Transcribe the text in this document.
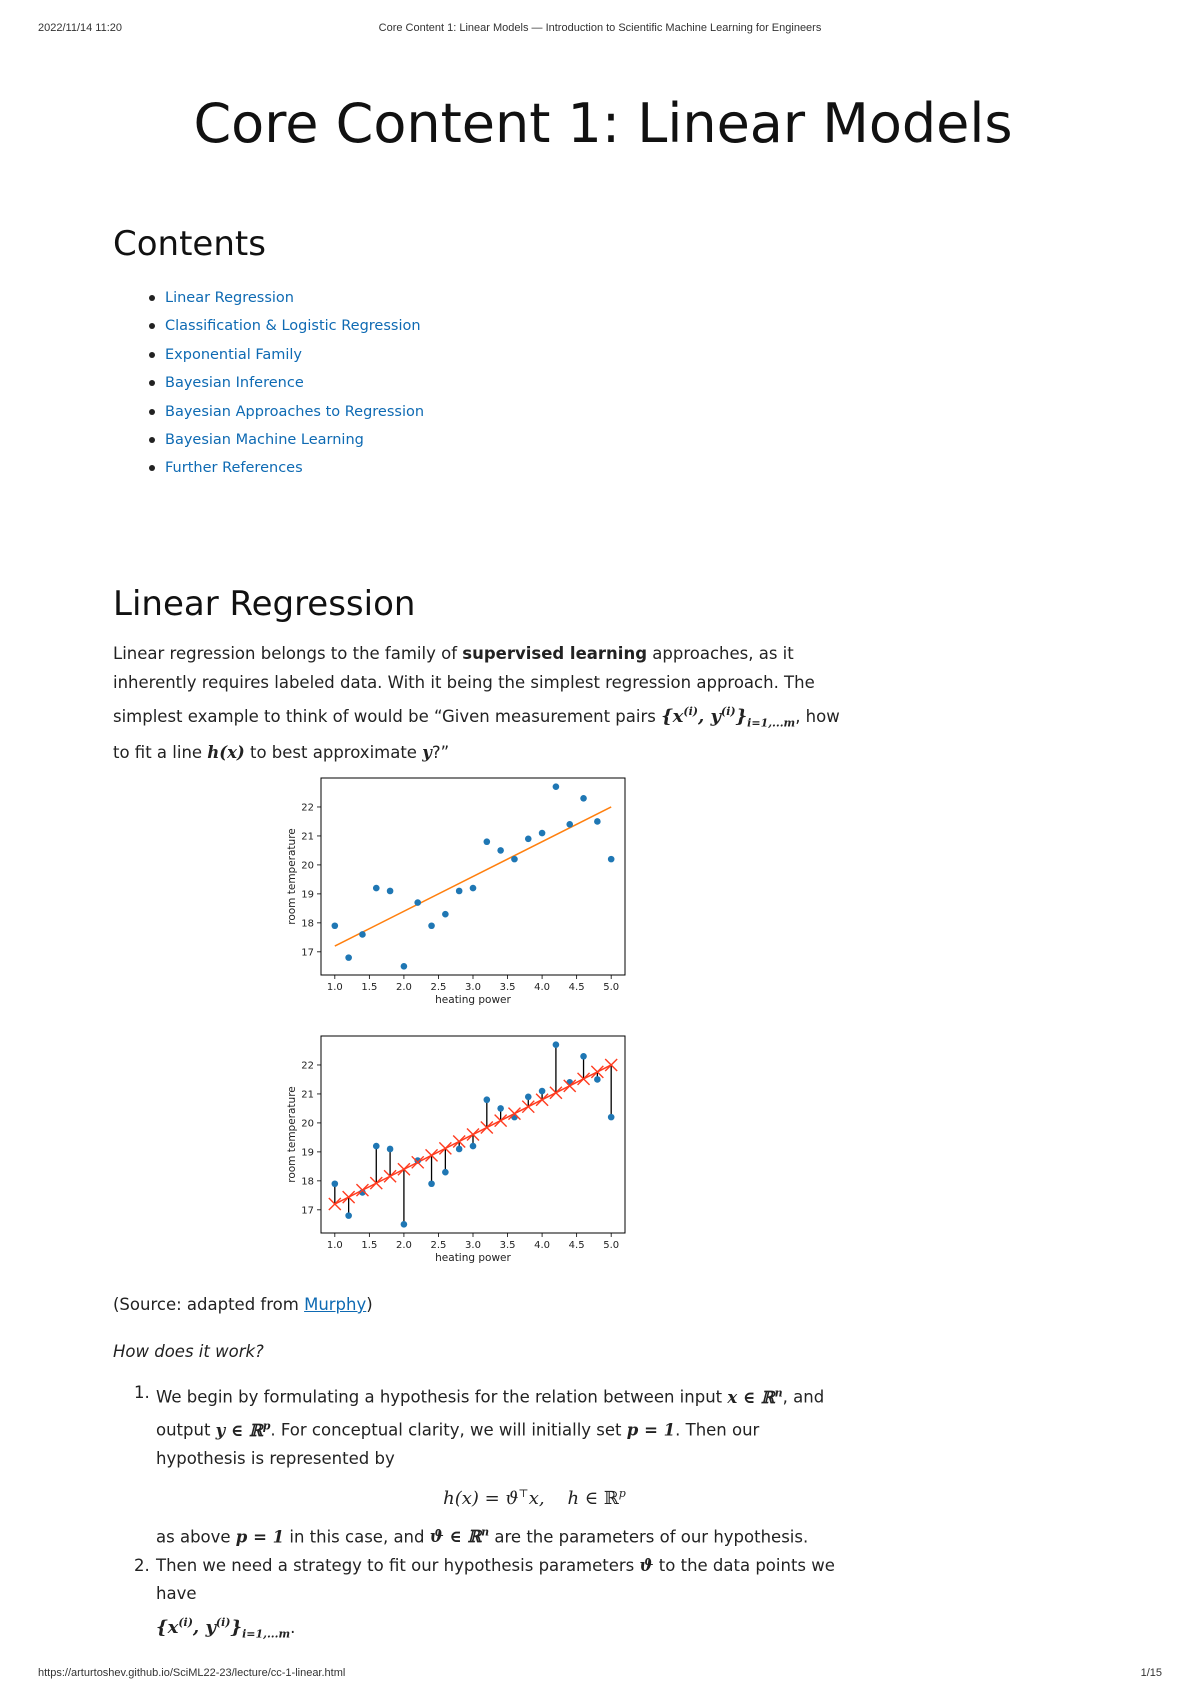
2022/11/14 11:20	Core Content 1: Linear Models — Introduction to Scientific Machine Learning for Engineers
Core Content 1: Linear Models
Contents
Linear Regression
Classification & Logistic Regression
Exponential Family
Bayesian Inference
Bayesian Approaches to Regression
Bayesian Machine Learning
Further References
Linear Regression

Linear regression belongs to the family of supervised learning approaches, as it inherently requires labeled data. With it being the simplest regression approach. The simplest example to think of would be “Given measurement pairs {$x^{(i)}$, $y^{(i)}\}_{i=1,...m}$, how to fit a line h(x) to best approximate y?”

1.0 1.5 2.0 2.5 3.0 3.5 4.0 4.5 5.0
17
18
19
20
21
22
heating power
room temperature
1.0 1.5 2.0 2.5 3.0 3.5 4.0 4.5 5.0
17
18
19
20
21
22
heating power
room temperature
(Source: adapted from Murphy)
How does it work?
1. We begin by formulating a hypothesis for the relation between input x ∈ ℝ$^n$, and output y ∈ ℝ$^p$. For conceptual clarity, we will initially set p = 1. Then our hypothesis is represented by
h(x) = ϑ⊤x,    h ∈ ℝ$^p$
as above p = 1 in this case, and ϑ ∈ ℝ$^n$ are the parameters of our hypothesis.
2. Then we need a strategy to fit our hypothesis parameters ϑ to the data points we have
{$x^{(i)}$, $y^{(i)}\}_{i=1,...m}$.
https://arturtoshev.github.io/SciML22-23/lecture/cc-1-linear.html	1/15
